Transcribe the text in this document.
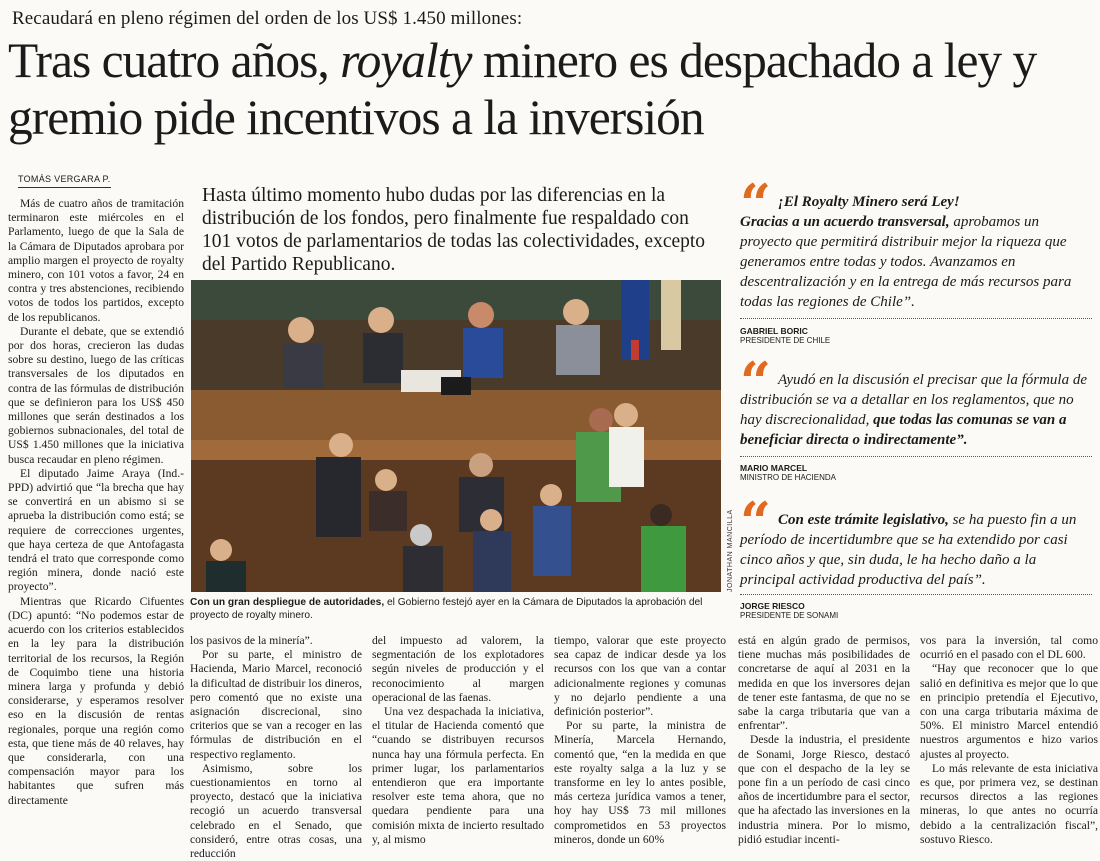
Recaudará en pleno régimen del orden de los US$ 1.450 millones:
Tras cuatro años, royalty minero es despachado a ley y gremio pide incentivos a la inversión
TOMÁS VERGARA P.

Más de cuatro años de tramitación terminaron este miércoles en el Parlamento, luego de que la Sala de la Cámara de Diputados aprobara por amplio margen el proyecto de royalty minero, con 101 votos a favor, 24 en contra y tres abstenciones, recibiendo votos de todos los partidos, excepto de los republicanos.

Durante el debate, que se extendió por dos horas, crecieron las dudas sobre su destino, luego de las críticas transversales de los diputados en contra de las fórmulas de distribución que se definieron para los US$ 450 millones que serán destinados a los gobiernos subnacionales, del total de US$ 1.450 millones que la iniciativa busca recaudar en pleno régimen.

El diputado Jaime Araya (Ind.-PPD) advirtió que “la brecha que hay se convertirá en un abismo si se aprueba la distribución como está; se requiere de correcciones urgentes, que haya certeza de que Antofagasta tendrá el trato que corresponde como región minera, donde nació este proyecto”.

Mientras que Ricardo Cifuentes (DC) apuntó: “No podemos estar de acuerdo con los criterios establecidos en la ley para la distribución territorial de los recursos, la Región de Coquimbo tiene una historia minera larga y profunda y debió considerarse, y esperamos resolver eso en la discusión de rentas regionales, porque una región como esta, que tiene más de 40 relaves, hay que considerarla, con una compensación mayor para los habitantes que sufren más directamente

Hasta último momento hubo dudas por las diferencias en la distribución de los fondos, pero finalmente fue respaldado con 101 votos de parlamentarios de todas las colectividades, excepto del Partido Republicano.
JONATHAN MANCILLA
Con un gran despliegue de autoridades, el Gobierno festejó ayer en la Cámara de Diputados la aprobación del proyecto de royalty minero.
“ ¡El Royalty Minero será Ley!
Gracias a un acuerdo transversal, aprobamos un proyecto que permitirá distribuir mejor la riqueza que generamos entre todas y todos. Avanzamos en descentralización y en la entrega de más recursos para todas las regiones de Chile”.
GABRIEL BORIC
PRESIDENTE DE CHILE
“ Ayudó en la discusión el precisar que la fórmula de distribución se va a detallar en los reglamentos, que no hay discrecionalidad, que todas las comunas se van a beneficiar directa o indirectamente”.
MARIO MARCEL
MINISTRO DE HACIENDA
“ Con este trámite legislativo, se ha puesto fin a un período de incertidumbre que se ha extendido por casi cinco años y que, sin duda, le ha hecho daño a la principal actividad productiva del país”.
JORGE RIESCO
PRESIDENTE DE SONAMI

los pasivos de la minería”.

Por su parte, el ministro de Hacienda, Mario Marcel, reconoció la dificultad de distribuir los dineros, pero comentó que no existe una asignación discrecional, sino criterios que se van a recoger en las fórmulas de distribución en el respectivo reglamento.

Asimismo, sobre los cuestionamientos en torno al proyecto, destacó que la iniciativa recogió un acuerdo transversal celebrado en el Senado, que consideró, entre otras cosas, una reducción

del impuesto ad valorem, la segmentación de los explotadores según niveles de producción y el reconocimiento al margen operacional de las faenas.

Una vez despachada la iniciativa, el titular de Hacienda comentó que “cuando se distribuyen recursos nunca hay una fórmula perfecta. En primer lugar, los parlamentarios entendieron que era importante resolver este tema ahora, que no quedara pendiente para una comisión mixta de incierto resultado y, al mismo

tiempo, valorar que este proyecto sea capaz de indicar desde ya los recursos con los que van a contar adicionalmente regiones y comunas y no dejarlo pendiente a una definición posterior”.

Por su parte, la ministra de Minería, Marcela Hernando, comentó que, “en la medida en que este royalty salga a la luz y se transforme en ley lo antes posible, más certeza jurídica vamos a tener, hoy hay US$ 73 mil millones comprometidos en 53 proyectos mineros, donde un 60%

está en algún grado de permisos, tiene muchas más posibilidades de concretarse de aquí al 2031 en la medida en que los inversores dejan de tener este fantasma, de que no se sabe la carga tributaria que van a enfrentar”.

Desde la industria, el presidente de Sonami, Jorge Riesco, destacó que con el despacho de la ley se pone fin a un período de casi cinco años de incertidumbre para el sector, que ha afectado las inversiones en la industria minera. Por lo mismo, pidió estudiar incenti-

vos para la inversión, tal como ocurrió en el pasado con el DL 600.

“Hay que reconocer que lo que salió en definitiva es mejor que lo que en principio pretendía el Ejecutivo, con una carga tributaria máxima de 50%. El ministro Marcel entendió nuestros argumentos e hizo varios ajustes al proyecto.

Lo más relevante de esta iniciativa es que, por primera vez, se destinan recursos directos a las regiones mineras, lo que antes no ocurría debido a la centralización fiscal”, sostuvo Riesco.
